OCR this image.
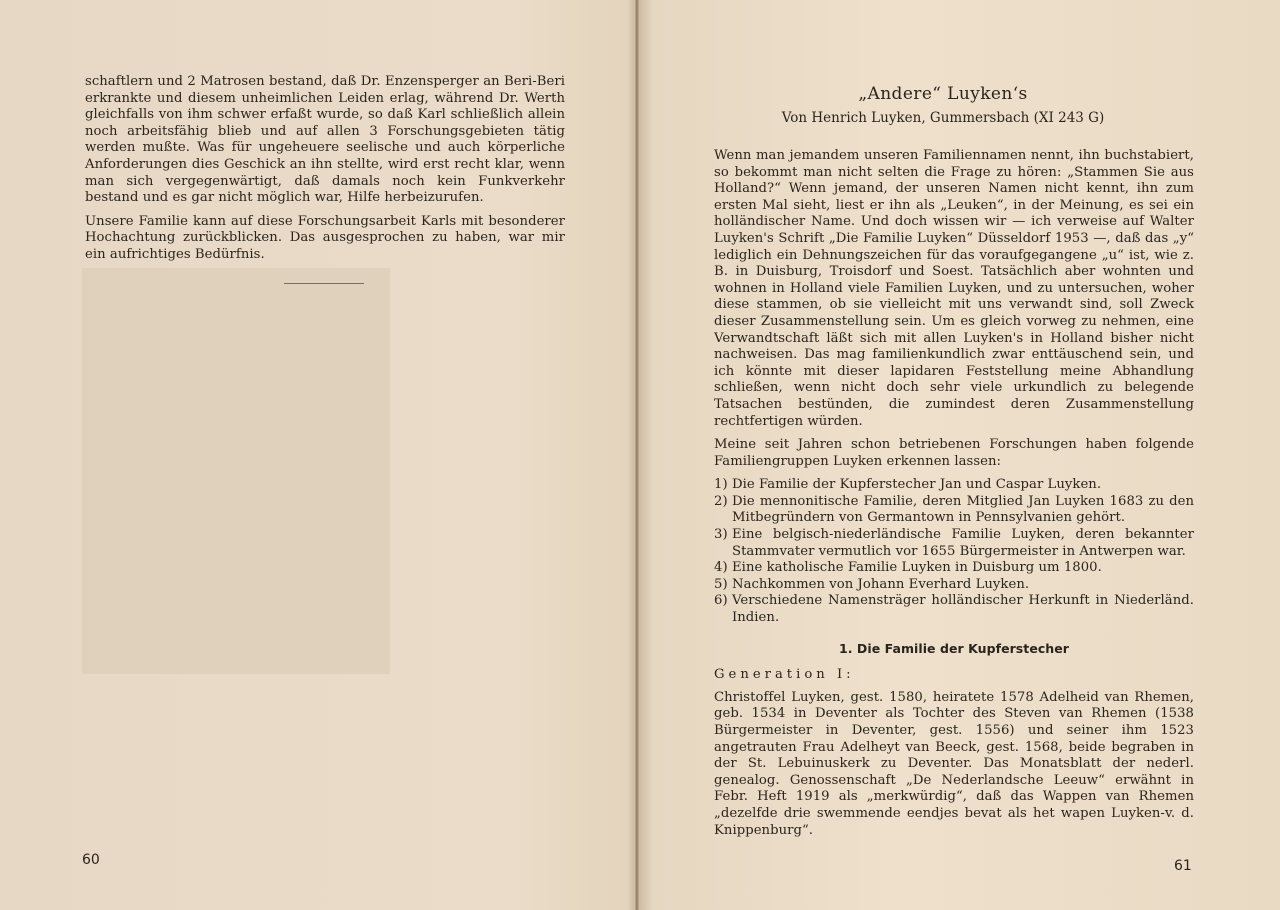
schaftlern und 2 Matrosen bestand, daß Dr. Enzensperger an Beri-Beri erkrankte und diesem unheimlichen Leiden erlag, während Dr. Werth gleichfalls von ihm schwer erfaßt wurde, so daß Karl schließlich allein noch arbeitsfähig blieb und auf allen 3 Forschungsgebieten tätig werden mußte. Was für ungeheuere seelische und auch körperliche Anforderungen dies Geschick an ihn stellte, wird erst recht klar, wenn man sich vergegenwärtigt, daß damals noch kein Funkverkehr bestand und es gar nicht möglich war, Hilfe herbeizurufen.

Unsere Familie kann auf diese Forschungsarbeit Karls mit besonderer Hochachtung zurückblicken. Das ausgesprochen zu haben, war mir ein aufrichtiges Bedürfnis.

60
„Andere“ Luyken‘s
Von Henrich Luyken, Gummersbach (XI 243 G)

Wenn man jemandem unseren Familiennamen nennt, ihn buchstabiert, so bekommt man nicht selten die Frage zu hören: „Stammen Sie aus Holland?“ Wenn jemand, der unseren Namen nicht kennt, ihn zum ersten Mal sieht, liest er ihn als „Leuken“, in der Meinung, es sei ein holländischer Name. Und doch wissen wir — ich verweise auf Walter Luyken's Schrift „Die Familie Luyken“ Düsseldorf 1953 —, daß das „y“ lediglich ein Dehnungszeichen für das voraufgegangene „u“ ist, wie z. B. in Duisburg, Troisdorf und Soest. Tatsächlich aber wohnten und wohnen in Holland viele Familien Luyken, und zu untersuchen, woher diese stammen, ob sie vielleicht mit uns verwandt sind, soll Zweck dieser Zusammenstellung sein. Um es gleich vorweg zu nehmen, eine Verwandtschaft läßt sich mit allen Luyken's in Holland bisher nicht nachweisen. Das mag familienkundlich zwar enttäuschend sein, und ich könnte mit dieser lapidaren Feststellung meine Abhandlung schließen, wenn nicht doch sehr viele urkundlich zu belegende Tatsachen bestünden, die zumindest deren Zusammenstellung rechtfertigen würden.

Meine seit Jahren schon betriebenen Forschungen haben folgende Familiengruppen Luyken erkennen lassen:

1) Die Familie der Kupferstecher Jan und Caspar Luyken.
2) Die mennonitische Familie, deren Mitglied Jan Luyken 1683 zu den Mitbegründern von Germantown in Pennsylvanien gehört.
3) Eine belgisch-niederländische Familie Luyken, deren bekannter Stammvater vermutlich vor 1655 Bürgermeister in Antwerpen war.
4) Eine katholische Familie Luyken in Duisburg um 1800.
5) Nachkommen von Johann Everhard Luyken.
6) Verschiedene Namensträger holländischer Herkunft in Niederländ. Indien.
1. Die Familie der Kupferstecher
Generation I:

Christoffel Luyken, gest. 1580, heiratete 1578 Adelheid van Rhemen, geb. 1534 in Deventer als Tochter des Steven van Rhemen (1538 Bürgermeister in Deventer, gest. 1556) und seiner ihm 1523 angetrauten Frau Adelheyt van Beeck, gest. 1568, beide begraben in der St. Lebuinuskerk zu Deventer. Das Monatsblatt der nederl. genealog. Genossenschaft „De Nederlandsche Leeuw“ erwähnt in Febr. Heft 1919 als „merkwürdig“, daß das Wappen van Rhemen „dezelfde drie swemmende eendjes bevat als het wapen Luyken-v. d. Knippenburg“.

61
